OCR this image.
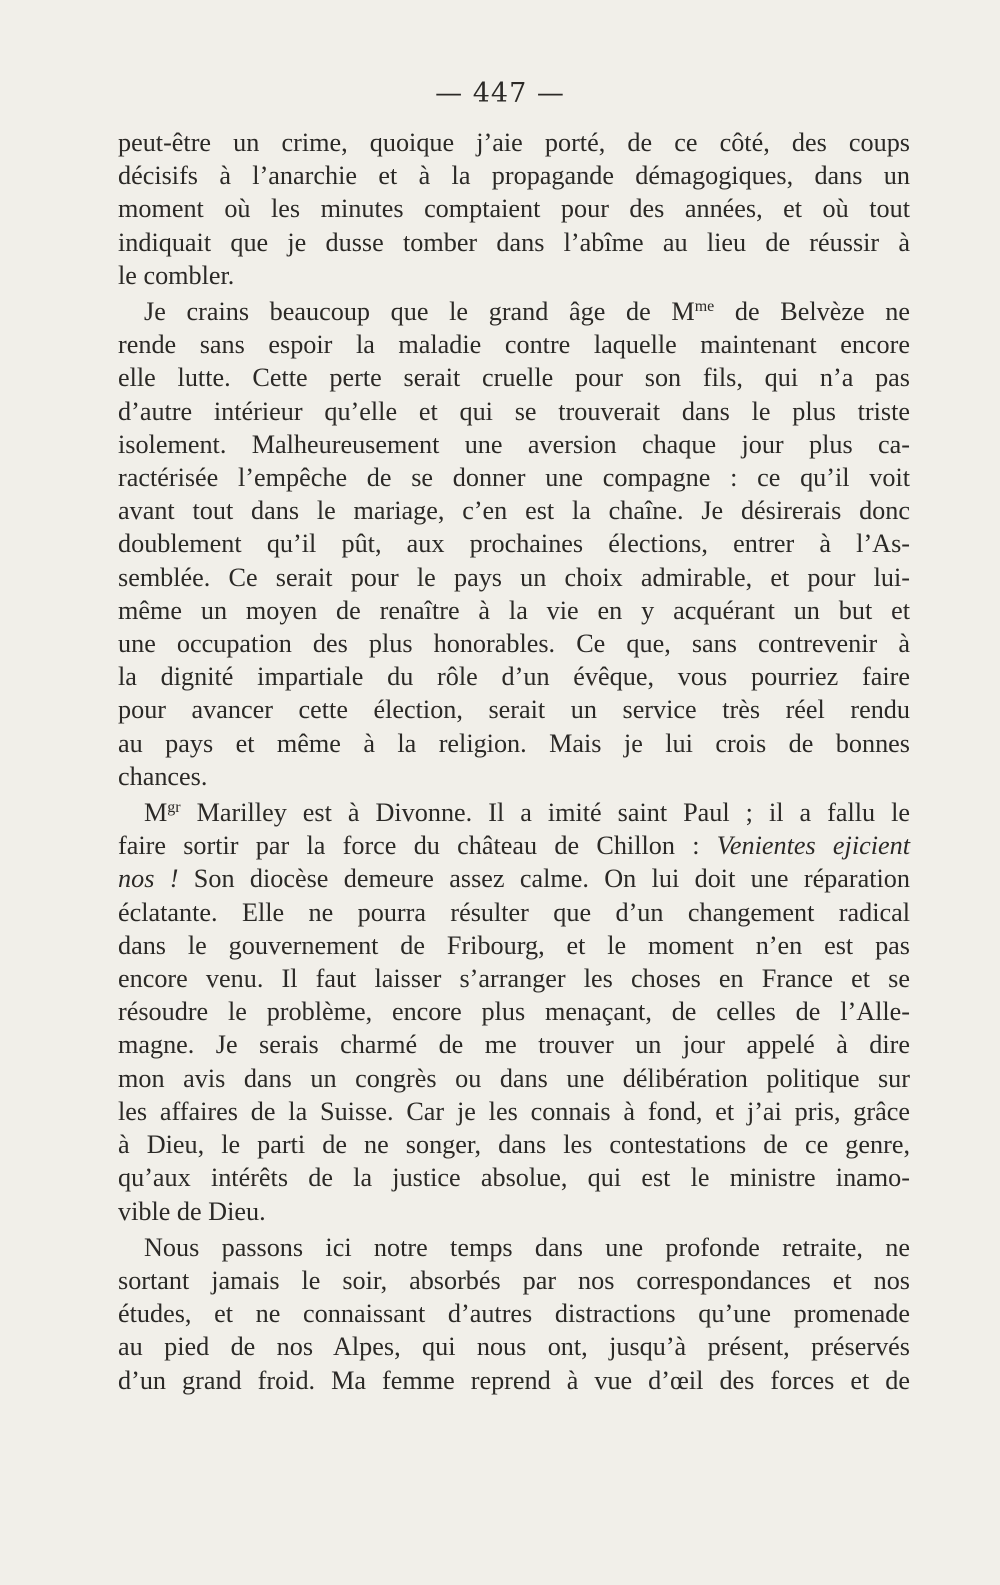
— 447 —

peut-être un crime, quoique j’aie porté, de ce côté, des coups
décisifs à l’anarchie et à la propagande démagogiques, dans un
moment où les minutes comptaient pour des années, et où tout
indiquait que je dusse tomber dans l’abîme au lieu de réussir à
le combler.

Je crains beaucoup que le grand âge de $M^{me}$ de Belvèze ne
rende sans espoir la maladie contre laquelle maintenant encore
elle lutte. Cette perte serait cruelle pour son fils, qui n’a pas
d’autre intérieur qu’elle et qui se trouverait dans le plus triste
isolement. Malheureusement une aversion chaque jour plus ca-
ractérisée l’empêche de se donner une compagne : ce qu’il voit
avant tout dans le mariage, c’en est la chaîne. Je désirerais donc
doublement qu’il pût, aux prochaines élections, entrer à l’As-
semblée. Ce serait pour le pays un choix admirable, et pour lui-
même un moyen de renaître à la vie en y acquérant un but et
une occupation des plus honorables. Ce que, sans contrevenir à
la dignité impartiale du rôle d’un évêque, vous pourriez faire
pour avancer cette élection, serait un service très réel rendu
au pays et même à la religion. Mais je lui crois de bonnes
chances.

$M^{gr}$ Marilley est à Divonne. Il a imité saint Paul ; il a fallu le
faire sortir par la force du château de Chillon : Venientes ejicient
nos ! Son diocèse demeure assez calme. On lui doit une réparation
éclatante. Elle ne pourra résulter que d’un changement radical
dans le gouvernement de Fribourg, et le moment n’en est pas
encore venu. Il faut laisser s’arranger les choses en France et se
résoudre le problème, encore plus menaçant, de celles de l’Alle-
magne. Je serais charmé de me trouver un jour appelé à dire
mon avis dans un congrès ou dans une délibération politique sur
les affaires de la Suisse. Car je les connais à fond, et j’ai pris, grâce
à Dieu, le parti de ne songer, dans les contestations de ce genre,
qu’aux intérêts de la justice absolue, qui est le ministre inamo-
vible de Dieu.

Nous passons ici notre temps dans une profonde retraite, ne
sortant jamais le soir, absorbés par nos correspondances et nos
études, et ne connaissant d’autres distractions qu’une promenade
au pied de nos Alpes, qui nous ont, jusqu’à présent, préservés
d’un grand froid. Ma femme reprend à vue d’œil des forces et de
